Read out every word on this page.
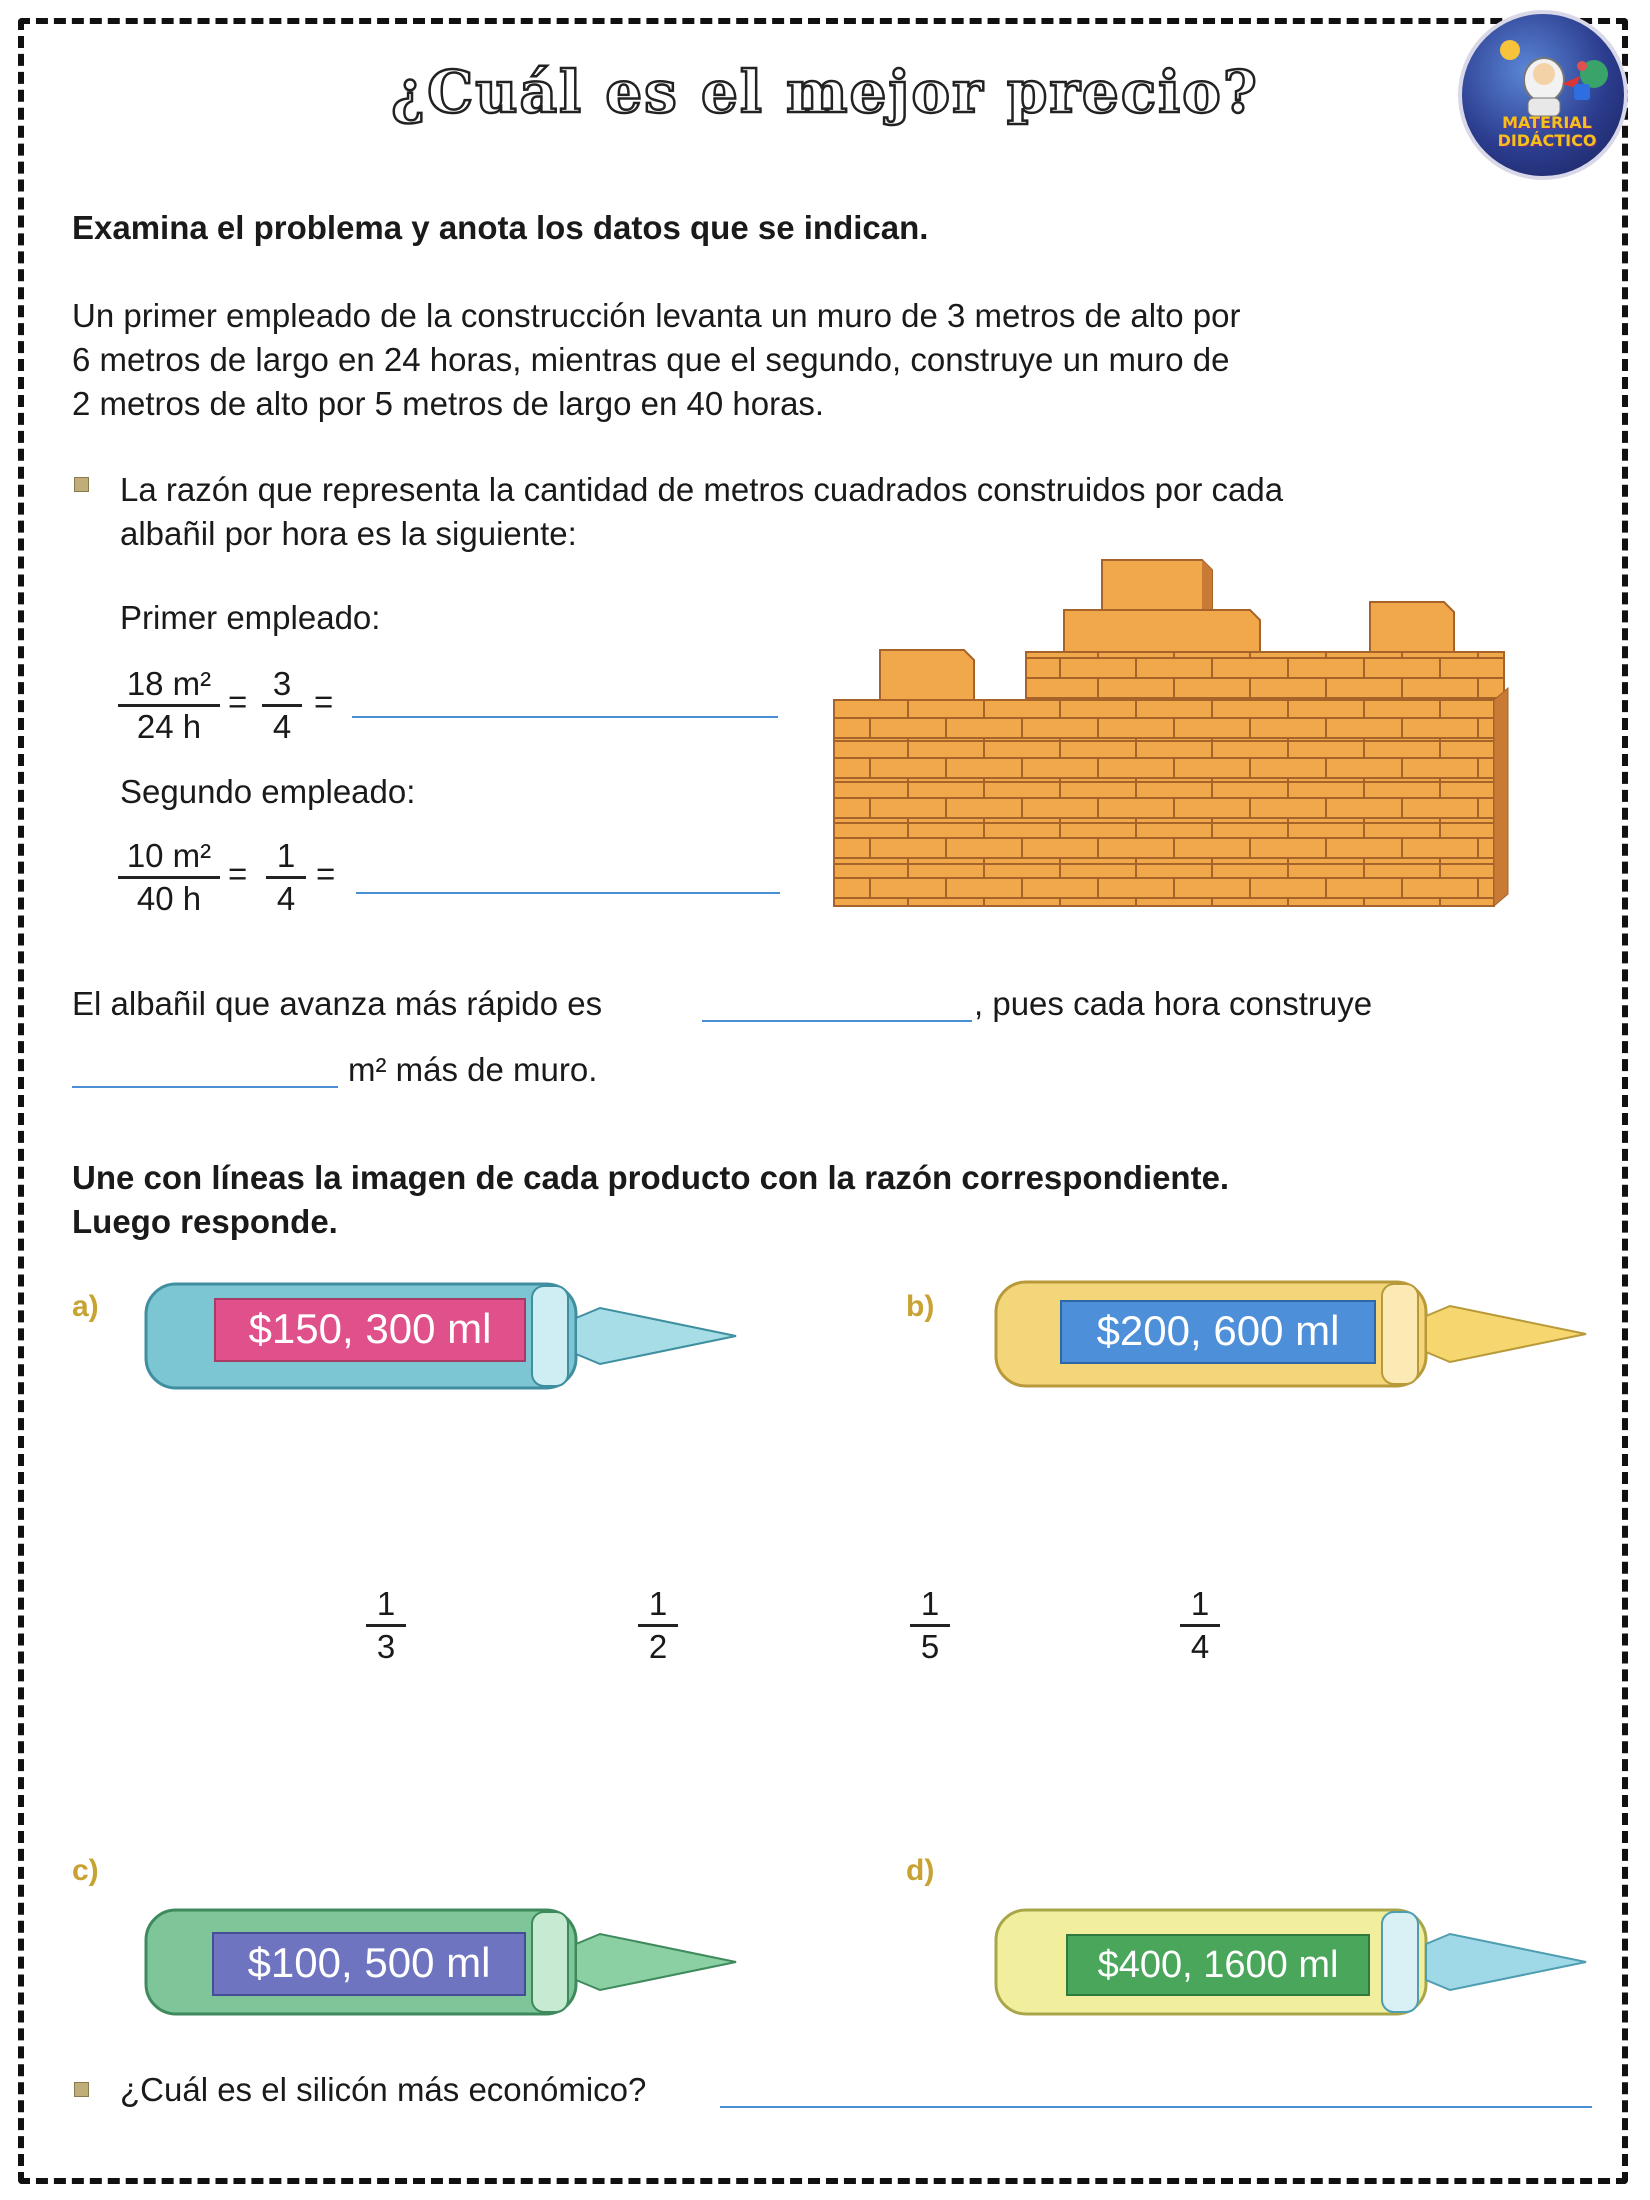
¿Cuál es el mejor precio?	MATERIAL
DIDÁCTICO
Examina el problema y anota los datos que se indican.
Un primer empleado de la construcción levanta un muro de 3 metros de alto por
6 metros de largo en 24 horas, mientras que el segundo, construye un muro de
2 metros de alto por 5 metros de largo en 40 horas.
La razón que representa la cantidad de metros cuadrados construidos por cada
albañil por hora es la siguiente:
Primer empleado:
$\frac{\text{18 m²}}{24 h} = \frac{3}{4}$ =
Segundo empleado:
$\frac{\text{10 m²}}{40 h} = \frac{1}{4}$ =
El albañil que avanza más rápido es	, pues cada hora construye
m² más de muro.
Une con líneas la imagen de cada producto con la razón correspondiente.
Luego responde.
a)	$150, 300 ml	b)
$200, 600 ml
$\frac{1}{3}$	$\frac{1}{2}$	$\frac{1}{5}$	$\frac{1}{4}$
c)
$100, 500 ml
d)
$400, 1600 ml
¿Cuál es el silicón más económico?
